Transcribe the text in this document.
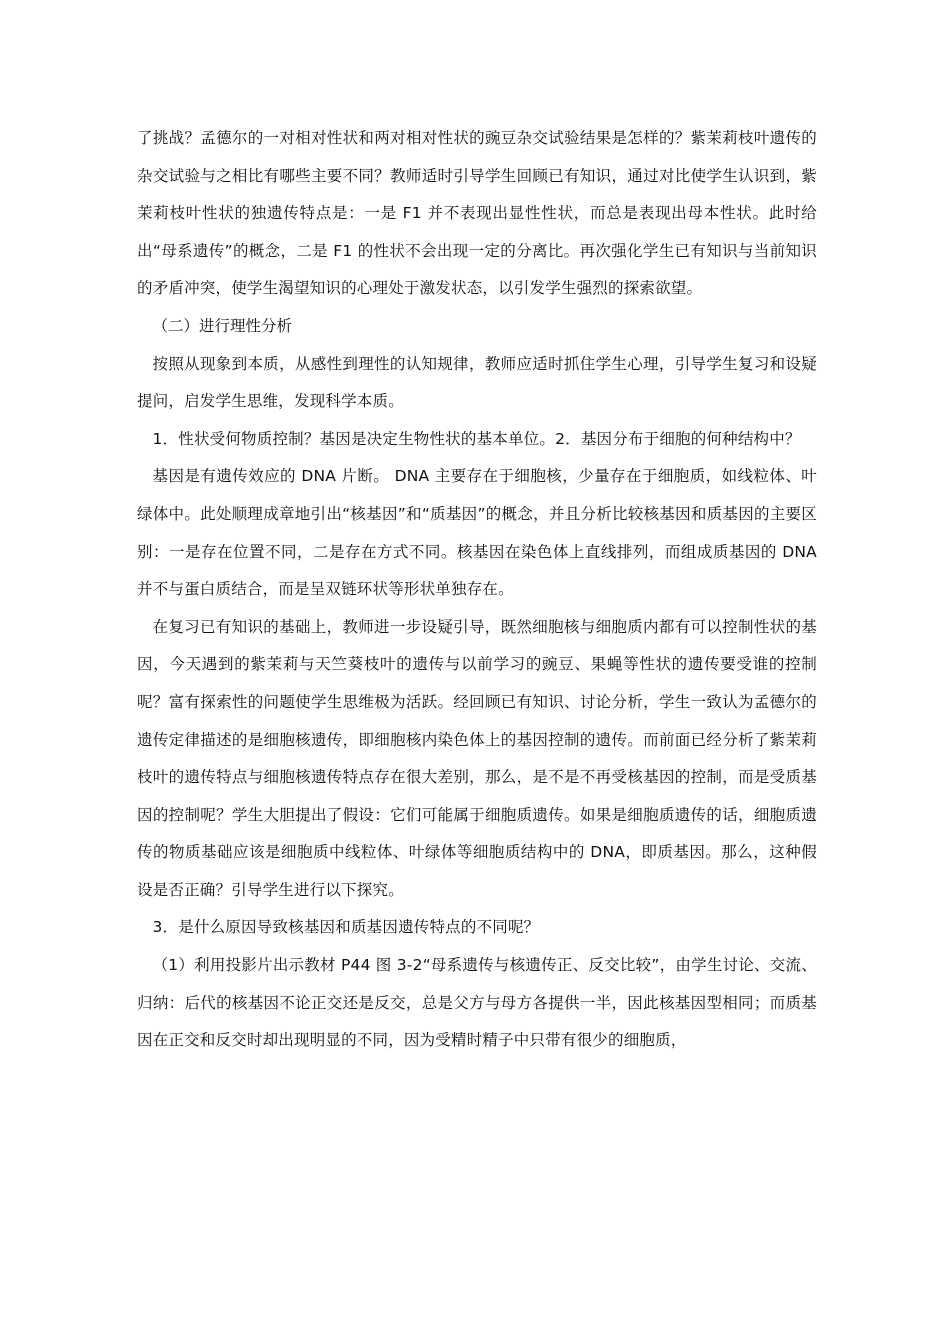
了挑战？孟德尔的一对相对性状和两对相对性状的豌豆杂交试验结果是怎样的？紫茉莉枝叶遗传的杂交试验与之相比有哪些主要不同？教师适时引导学生回顾已有知识，通过对比使学生认识到，紫茉莉枝叶性状的独遗传特点是：一是 F1 并不表现出显性性状，而总是表现出母本性状。此时给出“母系遗传”的概念，二是 F1 的性状不会出现一定的分离比。再次强化学生已有知识与当前知识的矛盾冲突，使学生渴望知识的心理处于激发状态，以引发学生强烈的探索欲望。

（二）进行理性分析

按照从现象到本质，从感性到理性的认知规律，教师应适时抓住学生心理，引导学生复习和设疑提问，启发学生思维，发现科学本质。

1．性状受何物质控制？基因是决定生物性状的基本单位。2．基因分布于细胞的何种结构中？

基因是有遗传效应的 DNA 片断。 DNA 主要存在于细胞核，少量存在于细胞质，如线粒体、叶绿体中。此处顺理成章地引出“核基因”和“质基因”的概念，并且分析比较核基因和质基因的主要区别：一是存在位置不同，二是存在方式不同。核基因在染色体上直线排列，而组成质基因的 DNA 并不与蛋白质结合，而是呈双链环状等形状单独存在。

在复习已有知识的基础上，教师进一步设疑引导，既然细胞核与细胞质内都有可以控制性状的基因，今天遇到的紫茉莉与天竺葵枝叶的遗传与以前学习的豌豆、果蝇等性状的遗传要受谁的控制呢？富有探索性的问题使学生思维极为活跃。经回顾已有知识、讨论分析，学生一致认为孟德尔的遗传定律描述的是细胞核遗传，即细胞核内染色体上的基因控制的遗传。而前面已经分析了紫茉莉枝叶的遗传特点与细胞核遗传特点存在很大差别，那么，是不是不再受核基因的控制，而是受质基因的控制呢？学生大胆提出了假设：它们可能属于细胞质遗传。如果是细胞质遗传的话，细胞质遗传的物质基础应该是细胞质中线粒体、叶绿体等细胞质结构中的 DNA，即质基因。那么，这种假设是否正确？引导学生进行以下探究。

3．是什么原因导致核基因和质基因遗传特点的不同呢？

（1）利用投影片出示教材 P44 图 3-2“母系遗传与核遗传正、反交比较”，由学生讨论、交流、归纳：后代的核基因不论正交还是反交，总是父方与母方各提供一半，因此核基因型相同；而质基因在正交和反交时却出现明显的不同，因为受精时精子中只带有很少的细胞质，
